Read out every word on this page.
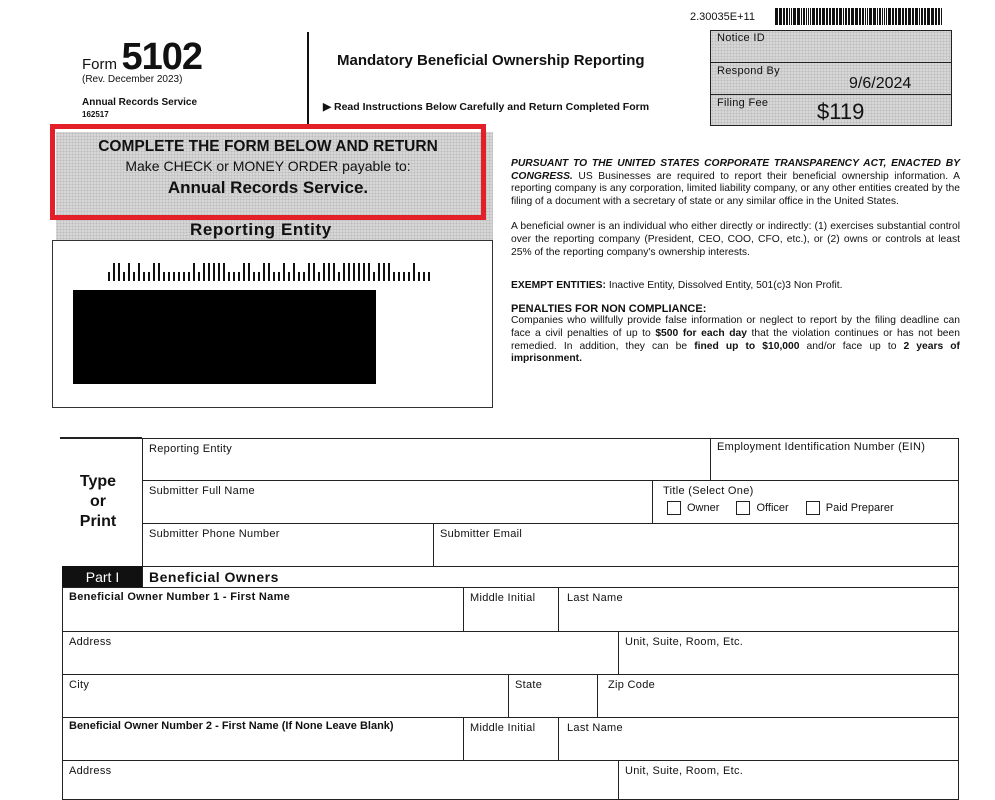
Form 5102
(Rev. December 2023)
Annual Records Service
162517
Mandatory Beneficial Ownership Reporting
▶ Read Instructions Below Carefully and Return Completed Form
2.30035E+11
Notice ID
Respond By
9/6/2024
Filing Fee $119
COMPLETE THE FORM BELOW AND RETURN
Make CHECK or MONEY ORDER payable to:
Annual Records Service.
Reporting Entity

PURSUANT TO THE UNITED STATES CORPORATE TRANSPARENCY ACT, ENACTED BY CONGRESS. US Businesses are required to report their beneficial ownership information. A reporting company is any corporation, limited liability company, or any other entities created by the filing of a document with a secretary of state or any similar office in the United States.

A beneficial owner is an individual who either directly or indirectly: (1) exercises substantial control over the reporting company (President, CEO, COO, CFO, etc.), or (2) owns or controls at least 25% of the reporting company's ownership interests.

EXEMPT ENTITIES: Inactive Entity, Dissolved Entity, 501(c)3 Non Profit.

PENALTIES FOR NON COMPLIANCE:

Companies who willfully provide false information or neglect to report by the filing deadline can face a civil penalties of up to $500 for each day that the violation continues or has not been remedied. In addition, they can be fined up to $10,000 and/or face up to 2 years of imprisonment.

Type
or
Print
Reporting Entity	Employment Identification Number (EIN)
Submitter Full Name	Title (Select One)
Owner	Officer	Paid Preparer
Submitter Phone Number	Submitter Email
Part I	Beneficial Owners
Beneficial Owner Number 1 - First Name	Middle Initial	Last Name
Address	Unit, Suite, Room, Etc.
City	State	Zip Code
Beneficial Owner Number 2 - First Name (If None Leave Blank)	Middle Initial	Last Name
Address	Unit, Suite, Room, Etc.
